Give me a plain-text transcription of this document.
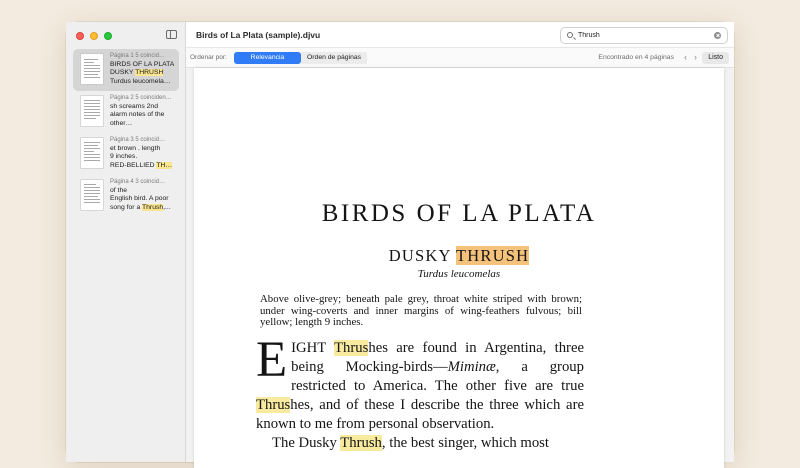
Página 1 5 coincid…
BIRDS OF LA PLATA
DUSKY THRUSH
Turdus leucomela…
Página 2 5 coinciden…
sh screams 2nd
alarm notes of the
other…
Página 3 5 coincid…
et brown . length
9 inches.
RED-BELLIED TH…
Página 4 3 coincid…
of the
English bird. A poor
song for a Thrush,...
Birds of La Plata (sample).djvu
Thrush
Ordenar por:	Relevancia	Orden de páginas	Encontrado en 4 páginas ‹ ›	Listo
BIRDS OF LA PLATA
DUSKY THRUSH
Turdus leucomelas
Above olive-grey; beneath pale grey, throat white striped with brown; under wing-coverts and inner margins of wing-feathers fulvous; bill yellow; length 9 inches.

EIGHT Thrushes are found in Argentina, three being Mocking-birds—Miminæ, a group restricted to America. The other five are true Thrushes, and of these I describe the three which are known to me from personal observation.

The Dusky Thrush, the best singer, which most
